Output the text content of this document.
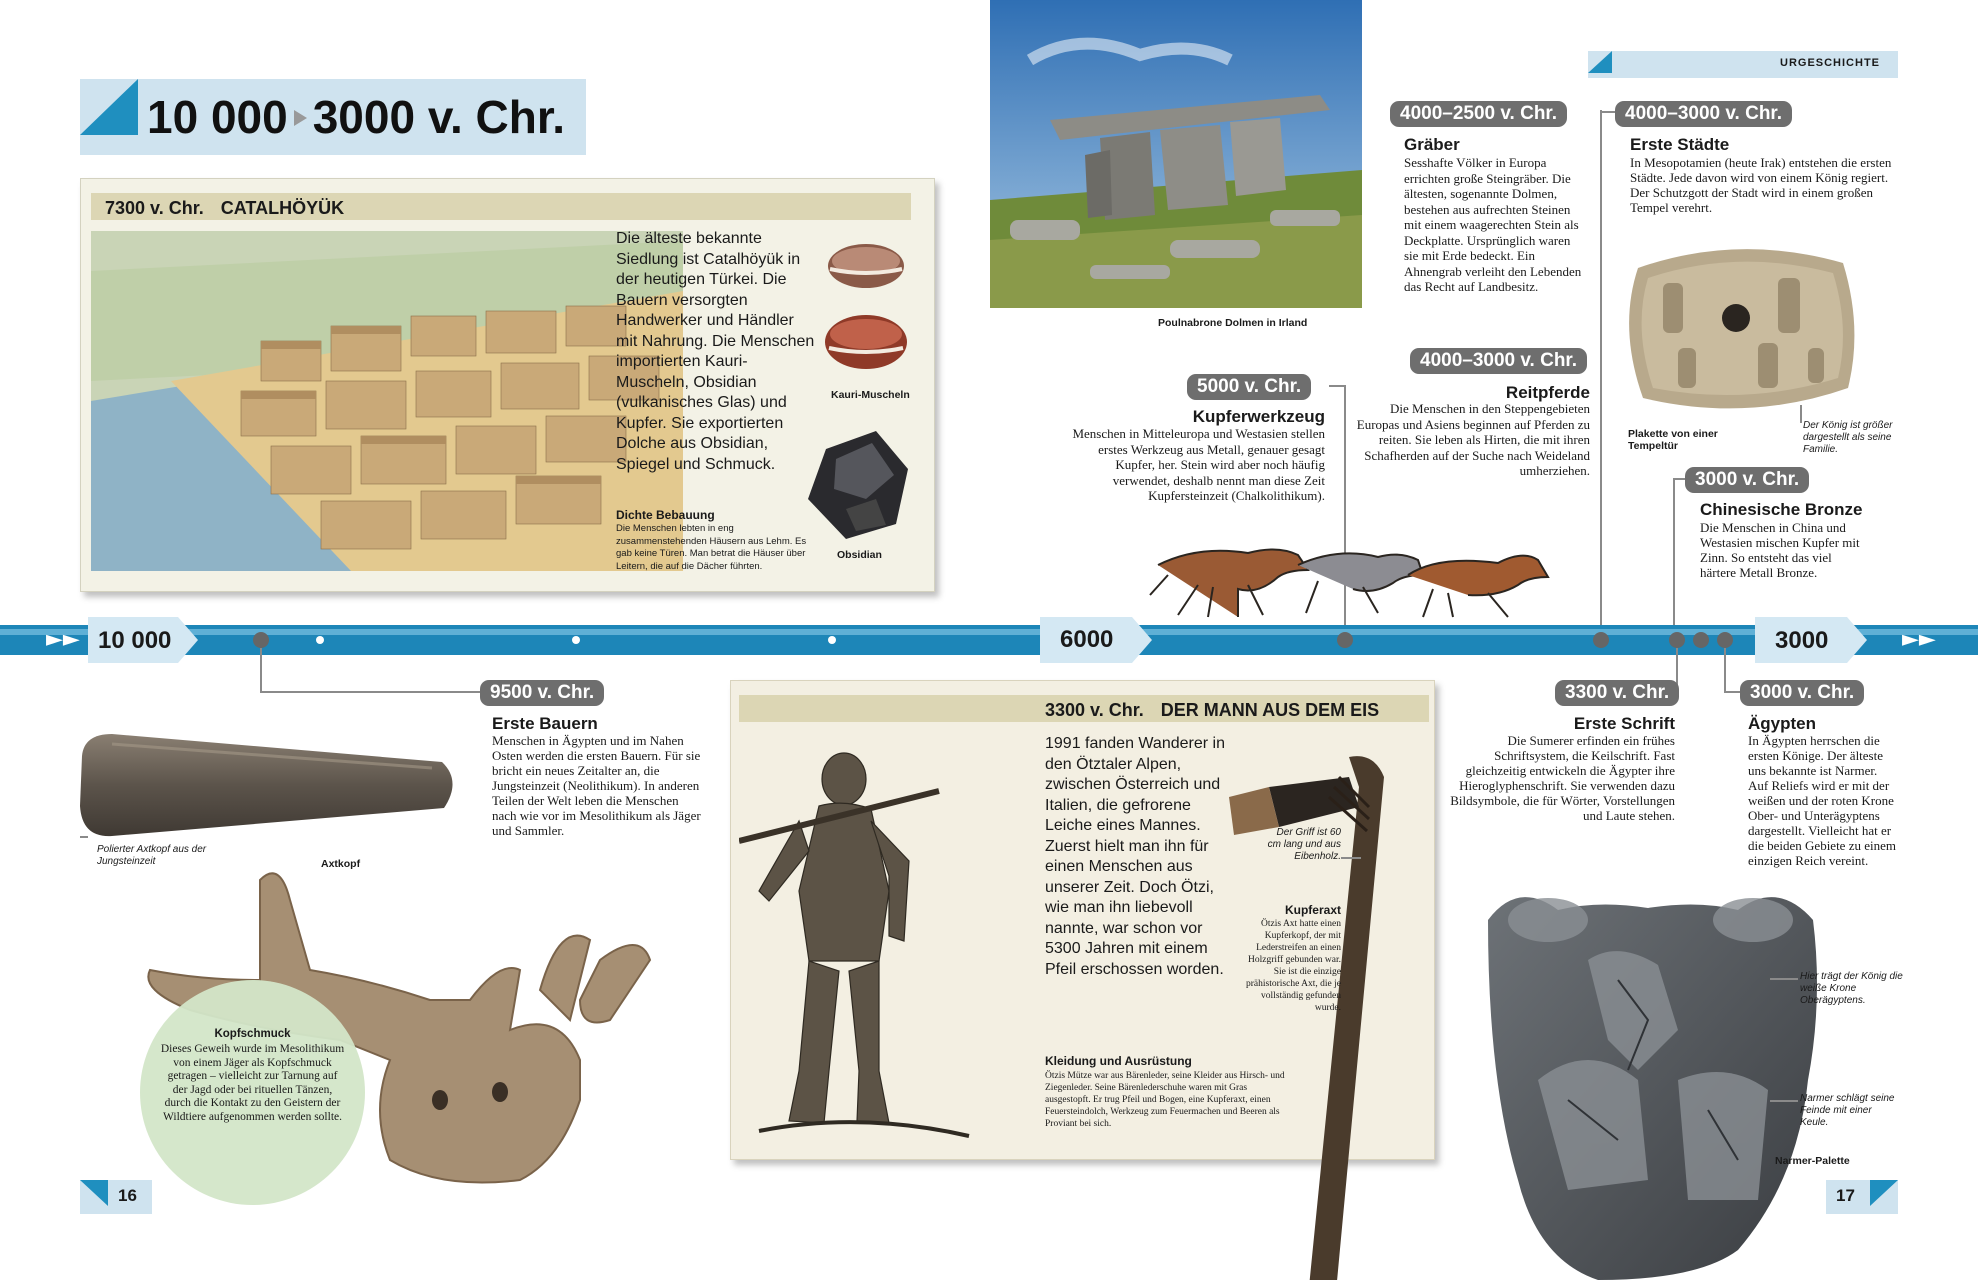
10 000 3000 v. Chr.
URGESCHICHTE
7300 v. Chr. CATALHÖYÜK
Die älteste bekannte Siedlung ist Catalhöyük in der heutigen Türkei. Die Bauern versorgten Handwerker und Händler mit Nahrung. Die Menschen importierten Kauri-Muscheln, Obsidian (vulkanisches Glas) und Kupfer. Sie exportierten Dolche aus Obsidian, Spiegel und Schmuck.
Kauri-Muscheln
Obsidian
Dichte Bebauung
Die Menschen lebten in eng zusammenstehenden Häusern aus Lehm. Es gab keine Türen. Man betrat die Häuser über Leitern, die auf die Dächer führten.
Poulnabrone Dolmen in Irland
4000–2500 v. Chr.
Gräber
Sesshafte Völker in Europa errichten große Steingräber. Die ältesten, sogenannte Dolmen, bestehen aus aufrechten Steinen mit einem waagerechten Stein als Deckplatte. Ursprünglich waren sie mit Erde bedeckt. Ein Ahnengrab verleiht den Lebenden das Recht auf Landbesitz.
4000–3000 v. Chr.
Erste Städte
In Mesopotamien (heute Irak) entstehen die ersten Städte. Jede davon wird von einem König regiert. Der Schutzgott der Stadt wird in einem großen Tempel verehrt.
Plakette von einer Tempeltür
Der König ist größer dargestellt als seine Familie.
5000 v. Chr.
Kupferwerkzeug
Menschen in Mitteleuropa und Westasien stellen erstes Werkzeug aus Metall, genauer gesagt Kupfer, her. Stein wird aber noch häufig verwendet, deshalb nennt man diese Zeit Kupfersteinzeit (Chalkolithikum).
4000–3000 v. Chr.
Reitpferde
Die Menschen in den Steppengebieten Europas und Asiens beginnen auf Pferden zu reiten. Sie leben als Hirten, die mit ihren Schafherden auf der Suche nach Weideland umherziehen.	3000 v. Chr.
Chinesische Bronze
Die Menschen in China und Westasien mischen Kupfer mit Zinn. So entsteht das viel härtere Metall Bronze.
►►	►►
10 000	6000	3000
9500 v. Chr.
Erste Bauern
Menschen in Ägypten und im Nahen Osten werden die ersten Bauern. Für sie bricht ein neues Zeitalter an, die Jungsteinzeit (Neolithikum). In anderen Teilen der Welt leben die Menschen nach wie vor im Mesolithikum als Jäger und Sammler.
Axtkopf
Polierter Axtkopf aus der Jungsteinzeit
Kopfschmuck
Dieses Geweih wurde im Mesolithikum von einem Jäger als Kopfschmuck getragen – vielleicht zur Tarnung auf der Jagd oder bei rituellen Tänzen, durch die Kontakt zu den Geistern der Wildtiere aufgenommen werden sollte.
3300 v. Chr. DER MANN AUS DEM EIS
1991 fanden Wanderer in den Ötztaler Alpen, zwischen Österreich und Italien, die gefrorene Leiche eines Mannes. Zuerst hielt man ihn für einen Menschen aus unserer Zeit. Doch Ötzi, wie man ihn liebevoll nannte, war schon vor 5300 Jahren mit einem Pfeil erschossen worden.
Der Griff ist 60 cm lang und aus Eibenholz.
Kupferaxt
Ötzis Axt hatte einen Kupferkopf, der mit Lederstreifen an einen Holzgriff gebunden war. Sie ist die einzige prähistorische Axt, die je vollständig gefunden wurde.
Kleidung und Ausrüstung
Ötzis Mütze war aus Bärenleder, seine Kleider aus Hirsch- und Ziegenleder. Seine Bärenlederschuhe waren mit Gras ausgestopft. Er trug Pfeil und Bogen, eine Kupferaxt, einen Feuersteindolch, Werkzeug zum Feuermachen und Beeren als Proviant bei sich.
3300 v. Chr.
Erste Schrift
Die Sumerer erfinden ein frühes Schriftsystem, die Keilschrift. Fast gleichzeitig entwickeln die Ägypter ihre Hieroglyphenschrift. Sie verwenden dazu Bildsymbole, die für Wörter, Vorstellungen und Laute stehen.
3000 v. Chr.
Ägypten
In Ägypten herrschen die ersten Könige. Der älteste uns bekannte ist Narmer. Auf Reliefs wird er mit der weißen und der roten Krone Ober- und Unterägyptens dargestellt. Vielleicht hat er die beiden Gebiete zu einem einzigen Reich vereint.
Hier trägt der König die weiße Krone Oberägyptens.
Narmer schlägt seine Feinde mit einer Keule.
Narmer-Palette
16	17
